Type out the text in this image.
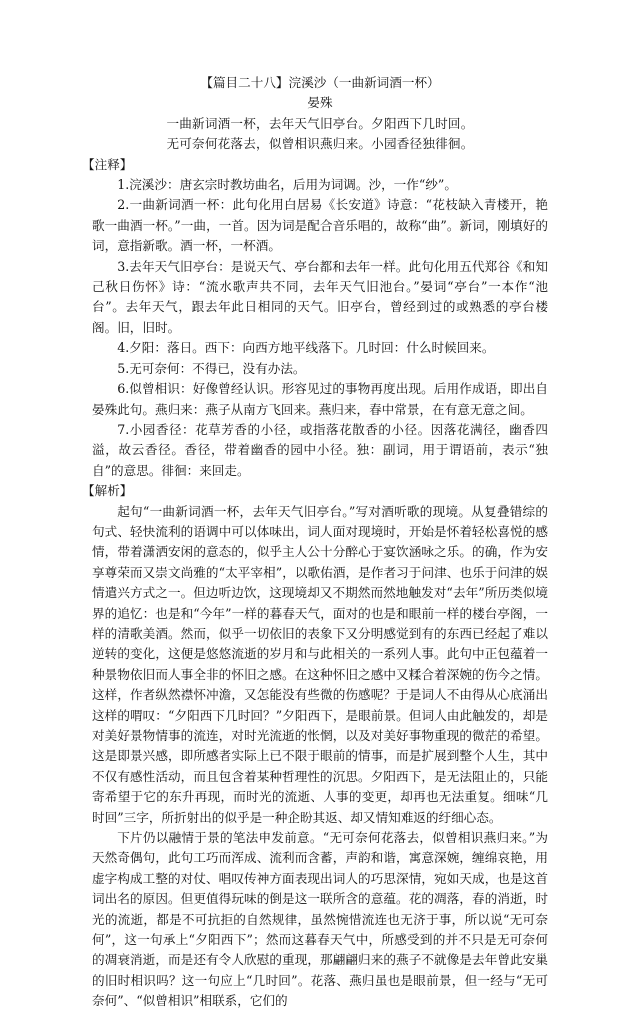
【篇目二十八】浣溪沙（一曲新词酒一杯）
晏殊
一曲新词酒一杯，去年天气旧亭台。夕阳西下几时回。
无可奈何花落去，似曾相识燕归来。小园香径独徘徊。
【注释】

1.浣溪沙：唐玄宗时教坊曲名，后用为词调。沙，一作“纱”。

2.一曲新词酒一杯：此句化用白居易《长安道》诗意：“花枝缺入青楼开，艳歌一曲酒一杯。”一曲，一首。因为词是配合音乐唱的，故称“曲”。新词，刚填好的词，意指新歌。酒一杯，一杯酒。

3.去年天气旧亭台：是说天气、亭台都和去年一样。此句化用五代郑谷《和知己秋日伤怀》诗：“流水歌声共不同，去年天气旧池台。”晏词“亭台”一本作“池台”。去年天气，跟去年此日相同的天气。旧亭台，曾经到过的或熟悉的亭台楼阁。旧，旧时。

4.夕阳：落日。西下：向西方地平线落下。几时回：什么时候回来。

5.无可奈何：不得已，没有办法。

6.似曾相识：好像曾经认识。形容见过的事物再度出现。后用作成语，即出自晏殊此句。燕归来：燕子从南方飞回来。燕归来，春中常景，在有意无意之间。

7.小园香径：花草芳香的小径，或指落花散香的小径。因落花满径，幽香四溢，故云香径。香径，带着幽香的园中小径。独：副词，用于谓语前，表示“独自”的意思。徘徊：来回走。

【解析】

起句“一曲新词酒一杯，去年天气旧亭台。”写对酒听歌的现境。从复叠错综的句式、轻快流利的语调中可以体味出，词人面对现境时，开始是怀着轻松喜悦的感情，带着潇洒安闲的意态的，似乎主人公十分醉心于宴饮涵咏之乐。的确，作为安享尊荣而又崇文尚雅的“太平宰相”，以歌佑酒，是作者习于问津、也乐于问津的娱情遣兴方式之一。但边听边饮，这现境却又不期然而然地触发对“去年”所历类似境界的追忆：也是和“今年”一样的暮春天气，面对的也是和眼前一样的楼台亭阁，一样的清歌美酒。然而，似乎一切依旧的表象下又分明感觉到有的东西已经起了难以逆转的变化，这便是悠悠流逝的岁月和与此相关的一系列人事。此句中正包蕴着一种景物依旧而人事全非的怀旧之感。在这种怀旧之感中又糅合着深婉的伤今之情。这样，作者纵然襟怀冲澹，又怎能没有些微的伤感呢？于是词人不由得从心底涌出这样的喟叹：“夕阳西下几时回？”夕阳西下，是眼前景。但词人由此触发的，却是对美好景物情事的流连，对时光流逝的怅惘，以及对美好事物重现的微茫的希望。这是即景兴感，即所感者实际上已不限于眼前的情事，而是扩展到整个人生，其中不仅有感性活动，而且包含着某种哲理性的沉思。夕阳西下，是无法阻止的，只能寄希望于它的东升再现，而时光的流逝、人事的变更，却再也无法重复。细味“几时回”三字，所折射出的似乎是一种企盼其返、却又情知难返的纡细心态。

下片仍以融情于景的笔法申发前意。“无可奈何花落去，似曾相识燕归来。”为天然奇偶句，此句工巧而浑成、流利而含蓄，声韵和谐，寓意深婉，缠绵哀艳，用虚字构成工整的对仗、唱叹传神方面表现出词人的巧思深情，宛如天成，也是这首词出名的原因。但更值得玩味的倒是这一联所含的意蕴。花的凋落，春的消逝，时光的流逝，都是不可抗拒的自然规律，虽然惋惜流连也无济于事，所以说“无可奈何”，这一句承上“夕阳西下”；然而这暮春天气中，所感受到的并不只是无可奈何的凋衰消逝，而是还有令人欣慰的重现，那翩翩归来的燕子不就像是去年曾此安巢的旧时相识吗？这一句应上“几时回”。花落、燕归虽也是眼前景，但一经与“无可奈何”、“似曾相识”相联系，它们的
